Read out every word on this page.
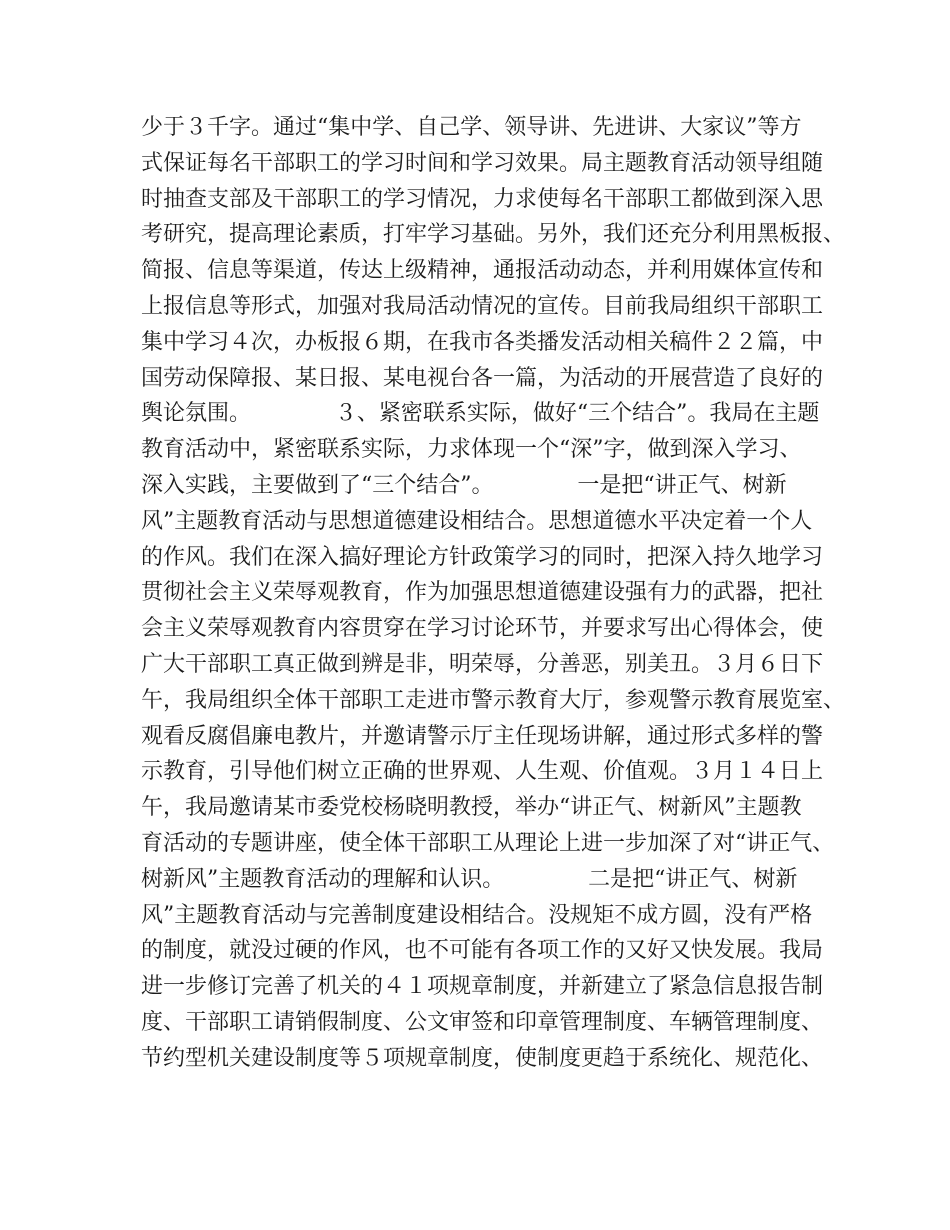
少于３千字。通过“集中学、自己学、领导讲、先进讲、大家议”等方
式保证每名干部职工的学习时间和学习效果。局主题教育活动领导组随
时抽查支部及干部职工的学习情况，力求使每名干部职工都做到深入思
考研究，提高理论素质，打牢学习基础。另外，我们还充分利用黑板报、
简报、信息等渠道，传达上级精神，通报活动动态，并利用媒体宣传和
上报信息等形式，加强对我局活动情况的宣传。目前我局组织干部职工
集中学习４次，办板报６期，在我市各类播发活动相关稿件２２篇，中
国劳动保障报、某日报、某电视台各一篇，为活动的开展营造了良好的
舆论氛围。            ３、紧密联系实际，做好“三个结合”。我局在主题
教育活动中，紧密联系实际，力求体现一个“深”字，做到深入学习、
深入实践，主要做到了“三个结合”。            一是把“讲正气、树新
风”主题教育活动与思想道德建设相结合。思想道德水平决定着一个人
的作风。我们在深入搞好理论方针政策学习的同时，把深入持久地学习
贯彻社会主义荣辱观教育，作为加强思想道德建设强有力的武器，把社
会主义荣辱观教育内容贯穿在学习讨论环节，并要求写出心得体会，使
广大干部职工真正做到辨是非，明荣辱，分善恶，别美丑。３月６日下
午，我局组织全体干部职工走进市警示教育大厅，参观警示教育展览室、
观看反腐倡廉电教片，并邀请警示厅主任现场讲解，通过形式多样的警
示教育，引导他们树立正确的世界观、人生观、价值观。３月１４日上
午，我局邀请某市委党校杨晓明教授，举办“讲正气、树新风”主题教
育活动的专题讲座，使全体干部职工从理论上进一步加深了对“讲正气、
树新风”主题教育活动的理解和认识。            二是把“讲正气、树新
风”主题教育活动与完善制度建设相结合。没规矩不成方圆，没有严格
的制度，就没过硬的作风，也不可能有各项工作的又好又快发展。我局
进一步修订完善了机关的４１项规章制度，并新建立了紧急信息报告制
度、干部职工请销假制度、公文审签和印章管理制度、车辆管理制度、
节约型机关建设制度等５项规章制度，使制度更趋于系统化、规范化、
